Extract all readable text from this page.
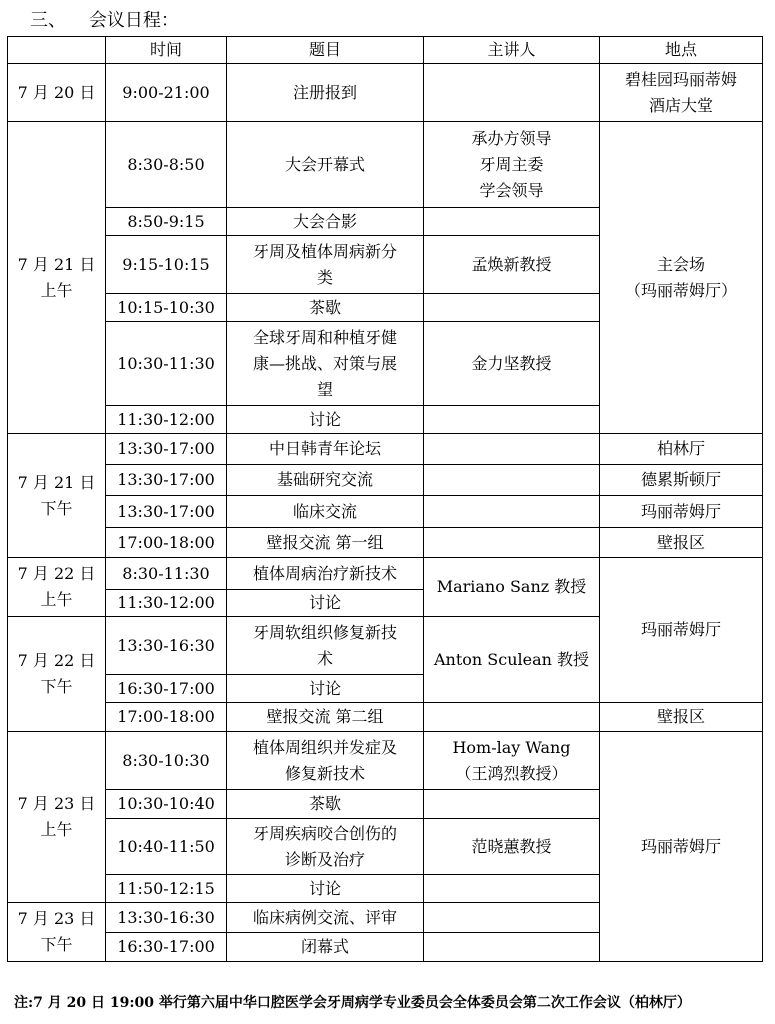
三、    会议日程：
	时间	题目	主讲人	地点
7 月 20 日	9:00-21:00	注册报到		碧桂园玛丽蒂姆
酒店大堂
7 月 21 日
上午	8:30-8:50	大会开幕式	承办方领导
牙周主委
学会领导	主会场
（玛丽蒂姆厅）
	8:50-9:15	大会合影		
	9:15-10:15	牙周及植体周病新分
类	孟焕新教授	
	10:15-10:30	茶歇		
	10:30-11:30	全球牙周和种植牙健
康—挑战、对策与展
望	金力坚教授	
	11:30-12:00	讨论		
7 月 21 日
下午	13:30-17:00	中日韩青年论坛		柏林厅
	13:30-17:00	基础研究交流		德累斯顿厅
	13:30-17:00	临床交流		玛丽蒂姆厅
	17:00-18:00	壁报交流 第一组		壁报区
7 月 22 日
上午	8:30-11:30	植体周病治疗新技术	Mariano Sanz 教授	玛丽蒂姆厅
	11:30-12:00	讨论		
7 月 22 日
下午	13:30-16:30	牙周软组织修复新技
术	Anton Sculean 教授	
	16:30-17:00	讨论		
	17:00-18:00	壁报交流 第二组		壁报区
7 月 23 日
上午	8:30-10:30	植体周组织并发症及
修复新技术	Hom-lay Wang
（王鸿烈教授）	玛丽蒂姆厅
	10:30-10:40	茶歇		
	10:40-11:50	牙周疾病咬合创伤的
诊断及治疗	范晓蕙教授	
	11:50-12:15	讨论		
7 月 23 日
下午	13:30-16:30	临床病例交流、评审		
	16:30-17:00	闭幕式		
注:7 月 20 日 19:00 举行第六届中华口腔医学会牙周病学专业委员会全体委员会第二次工作会议（柏林厅）
